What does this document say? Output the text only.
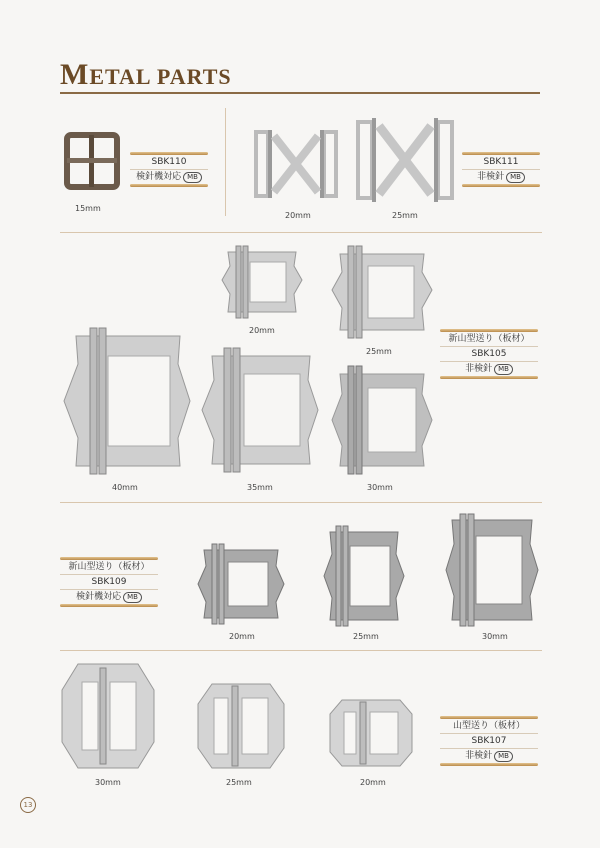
METAL PARTS
15mm
SBK110
検針機対応 MB
20mm	25mm
SBK111
非検針 MB
20mm
25mm
40mm	35mm	30mm
新山型送り（板材）
SBK105
非検針 MB
新山型送り（板材）
SBK109
検針機対応 MB
20mm	25mm	30mm
30mm	25mm	20mm
山型送り（板材）
SBK107
非検針 MB
13
